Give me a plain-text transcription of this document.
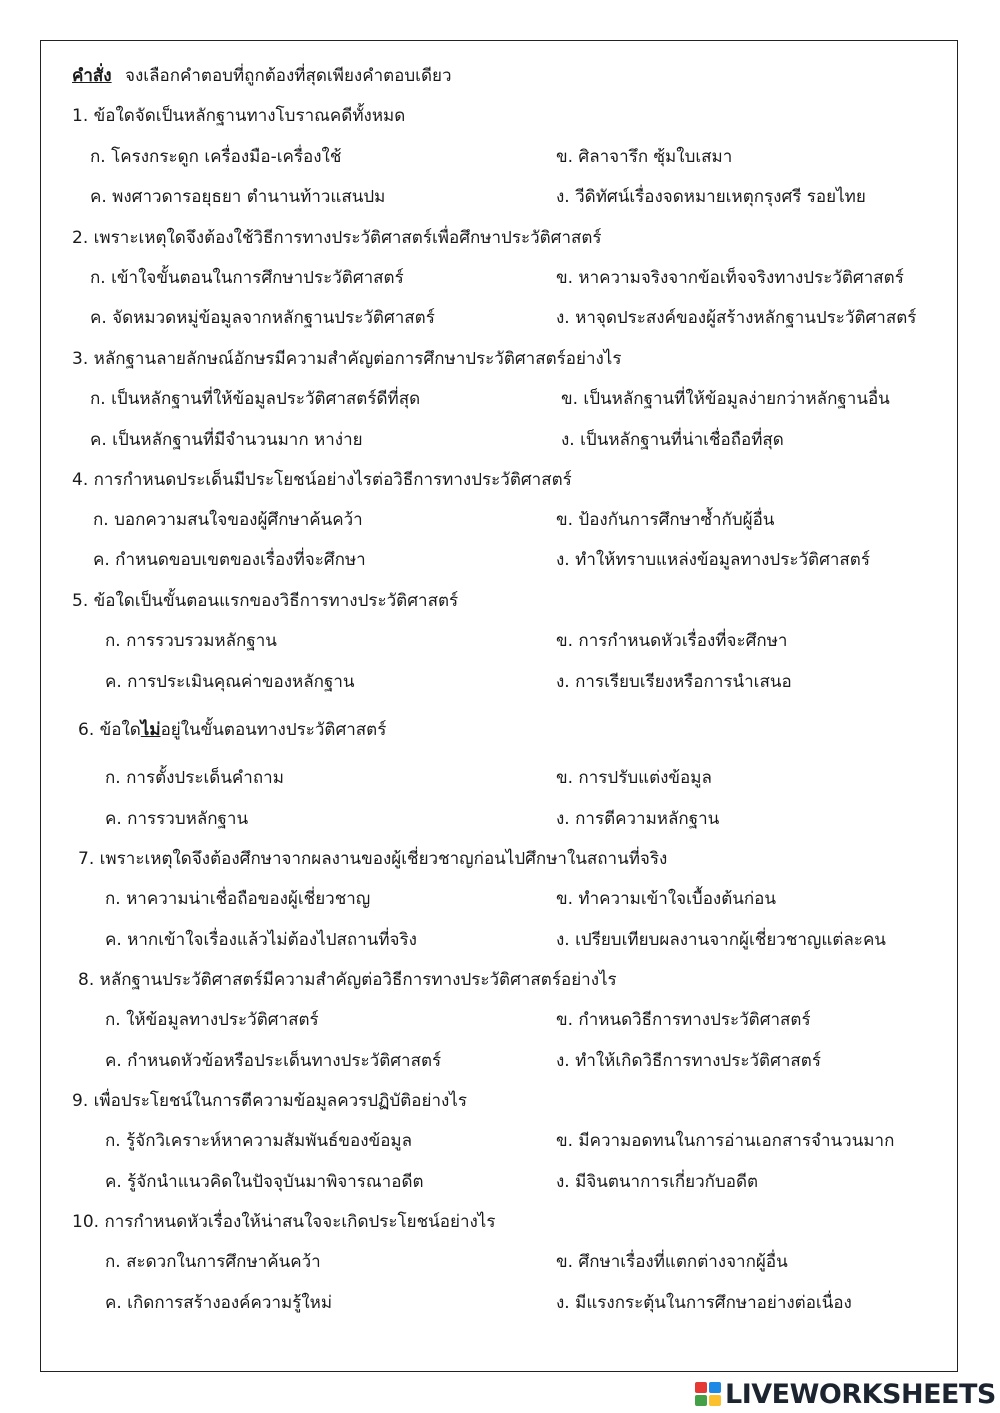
คำสั่ง จงเลือกคำตอบที่ถูกต้องที่สุดเพียงคำตอบเดียว
1. ข้อใดจัดเป็นหลักฐานทางโบราณคดีทั้งหมด
ก. โครงกระดูก เครื่องมือ-เครื่องใช้	ข. ศิลาจารึก ซุ้มใบเสมา
ค. พงศาวดารอยุธยา ตำนานท้าวแสนปม	ง. วีดิทัศน์เรื่องจดหมายเหตุกรุงศรี รอยไทย
2. เพราะเหตุใดจึงต้องใช้วิธีการทางประวัติศาสตร์เพื่อศึกษาประวัติศาสตร์
ก. เข้าใจขั้นตอนในการศึกษาประวัติศาสตร์	ข. หาความจริงจากข้อเท็จจริงทางประวัติศาสตร์
ค. จัดหมวดหมู่ข้อมูลจากหลักฐานประวัติศาสตร์	ง. หาจุดประสงค์ของผู้สร้างหลักฐานประวัติศาสตร์
3. หลักฐานลายลักษณ์อักษรมีความสำคัญต่อการศึกษาประวัติศาสตร์อย่างไร
ก. เป็นหลักฐานที่ให้ข้อมูลประวัติศาสตร์ดีที่สุด	ข. เป็นหลักฐานที่ให้ข้อมูลง่ายกว่าหลักฐานอื่น
ค. เป็นหลักฐานที่มีจำนวนมาก หาง่าย	ง. เป็นหลักฐานที่น่าเชื่อถือที่สุด
4. การกำหนดประเด็นมีประโยชน์อย่างไรต่อวิธีการทางประวัติศาสตร์
ก. บอกความสนใจของผู้ศึกษาค้นคว้า	ข. ป้องกันการศึกษาซ้ำกับผู้อื่น
ค. กำหนดขอบเขตของเรื่องที่จะศึกษา	ง. ทำให้ทราบแหล่งข้อมูลทางประวัติศาสตร์
5. ข้อใดเป็นขั้นตอนแรกของวิธีการทางประวัติศาสตร์
ก. การรวบรวมหลักฐาน	ข. การกำหนดหัวเรื่องที่จะศึกษา
ค. การประเมินคุณค่าของหลักฐาน	ง. การเรียบเรียงหรือการนำเสนอ
6. ข้อใดไม่อยู่ในขั้นตอนทางประวัติศาสตร์
ก. การตั้งประเด็นคำถาม	ข. การปรับแต่งข้อมูล
ค. การรวบหลักฐาน	ง. การตีความหลักฐาน
7. เพราะเหตุใดจึงต้องศึกษาจากผลงานของผู้เชี่ยวชาญก่อนไปศึกษาในสถานที่จริง
ก. หาความน่าเชื่อถือของผู้เชี่ยวชาญ	ข. ทำความเข้าใจเบื้องต้นก่อน
ค. หากเข้าใจเรื่องแล้วไม่ต้องไปสถานที่จริง	ง. เปรียบเทียบผลงานจากผู้เชี่ยวชาญแต่ละคน
8. หลักฐานประวัติศาสตร์มีความสำคัญต่อวิธีการทางประวัติศาสตร์อย่างไร
ก. ให้ข้อมูลทางประวัติศาสตร์	ข. กำหนดวิธีการทางประวัติศาสตร์
ค. กำหนดหัวข้อหรือประเด็นทางประวัติศาสตร์	ง. ทำให้เกิดวิธีการทางประวัติศาสตร์
9. เพื่อประโยชน์ในการตีความข้อมูลควรปฏิบัติอย่างไร
ก. รู้จักวิเคราะห์หาความสัมพันธ์ของข้อมูล	ข. มีความอดทนในการอ่านเอกสารจำนวนมาก
ค. รู้จักนำแนวคิดในปัจจุบันมาพิจารณาอดีต	ง. มีจินตนาการเกี่ยวกับอดีต
10. การกำหนดหัวเรื่องให้น่าสนใจจะเกิดประโยชน์อย่างไร
ก. สะดวกในการศึกษาค้นคว้า	ข. ศึกษาเรื่องที่แตกต่างจากผู้อื่น
ค. เกิดการสร้างองค์ความรู้ใหม่	ง. มีแรงกระตุ้นในการศึกษาอย่างต่อเนื่อง
LIVEWORKSHEETS
